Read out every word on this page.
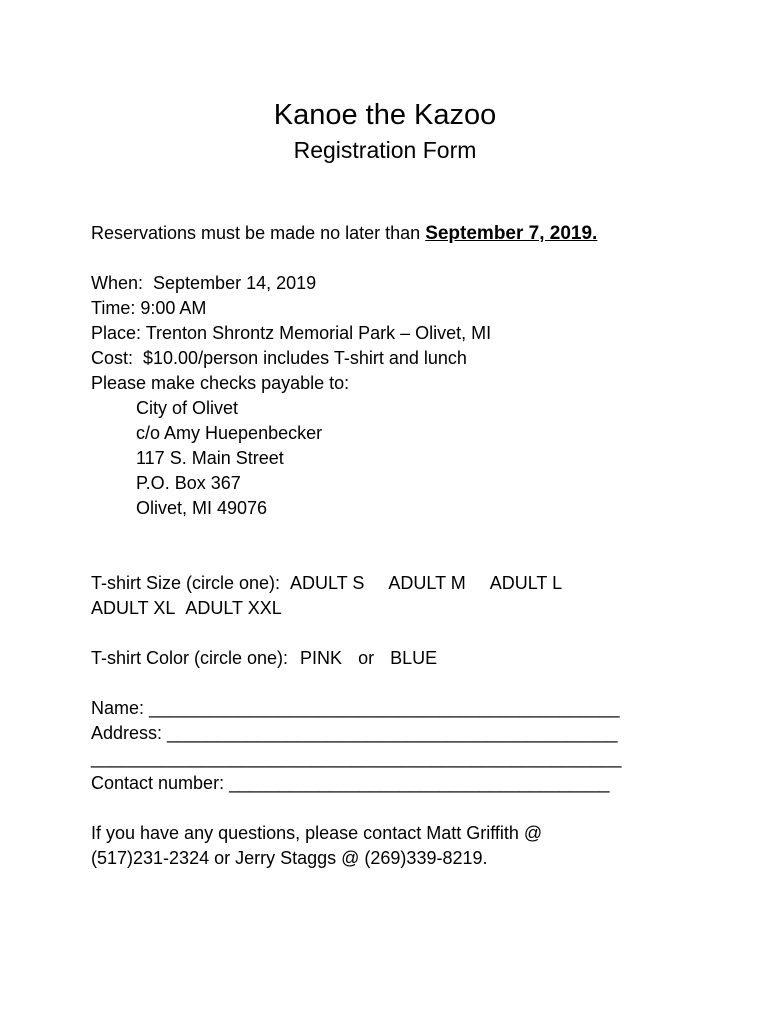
Kanoe the Kazoo
Registration Form
Reservations must be made no later than September 7, 2019.
When:  September 14, 2019
Time: 9:00 AM
Place: Trenton Shrontz Memorial Park – Olivet, MI
Cost:  $10.00/person includes T-shirt and lunch
Please make checks payable to:
City of Olivet
c/o Amy Huepenbecker
117 S. Main Street
P.O. Box 367
Olivet, MI 49076
T-shirt Size (circle one): ADULT S ADULT M ADULT L
ADULT XL ADULT XXL
T-shirt Color (circle one): PINK or BLUE
Name: _______________________________________________
Address: _____________________________________________
_____________________________________________________
Contact number: ______________________________________
If you have any questions, please contact Matt Griffith @
(517)231-2324 or Jerry Staggs @ (269)339-8219.
